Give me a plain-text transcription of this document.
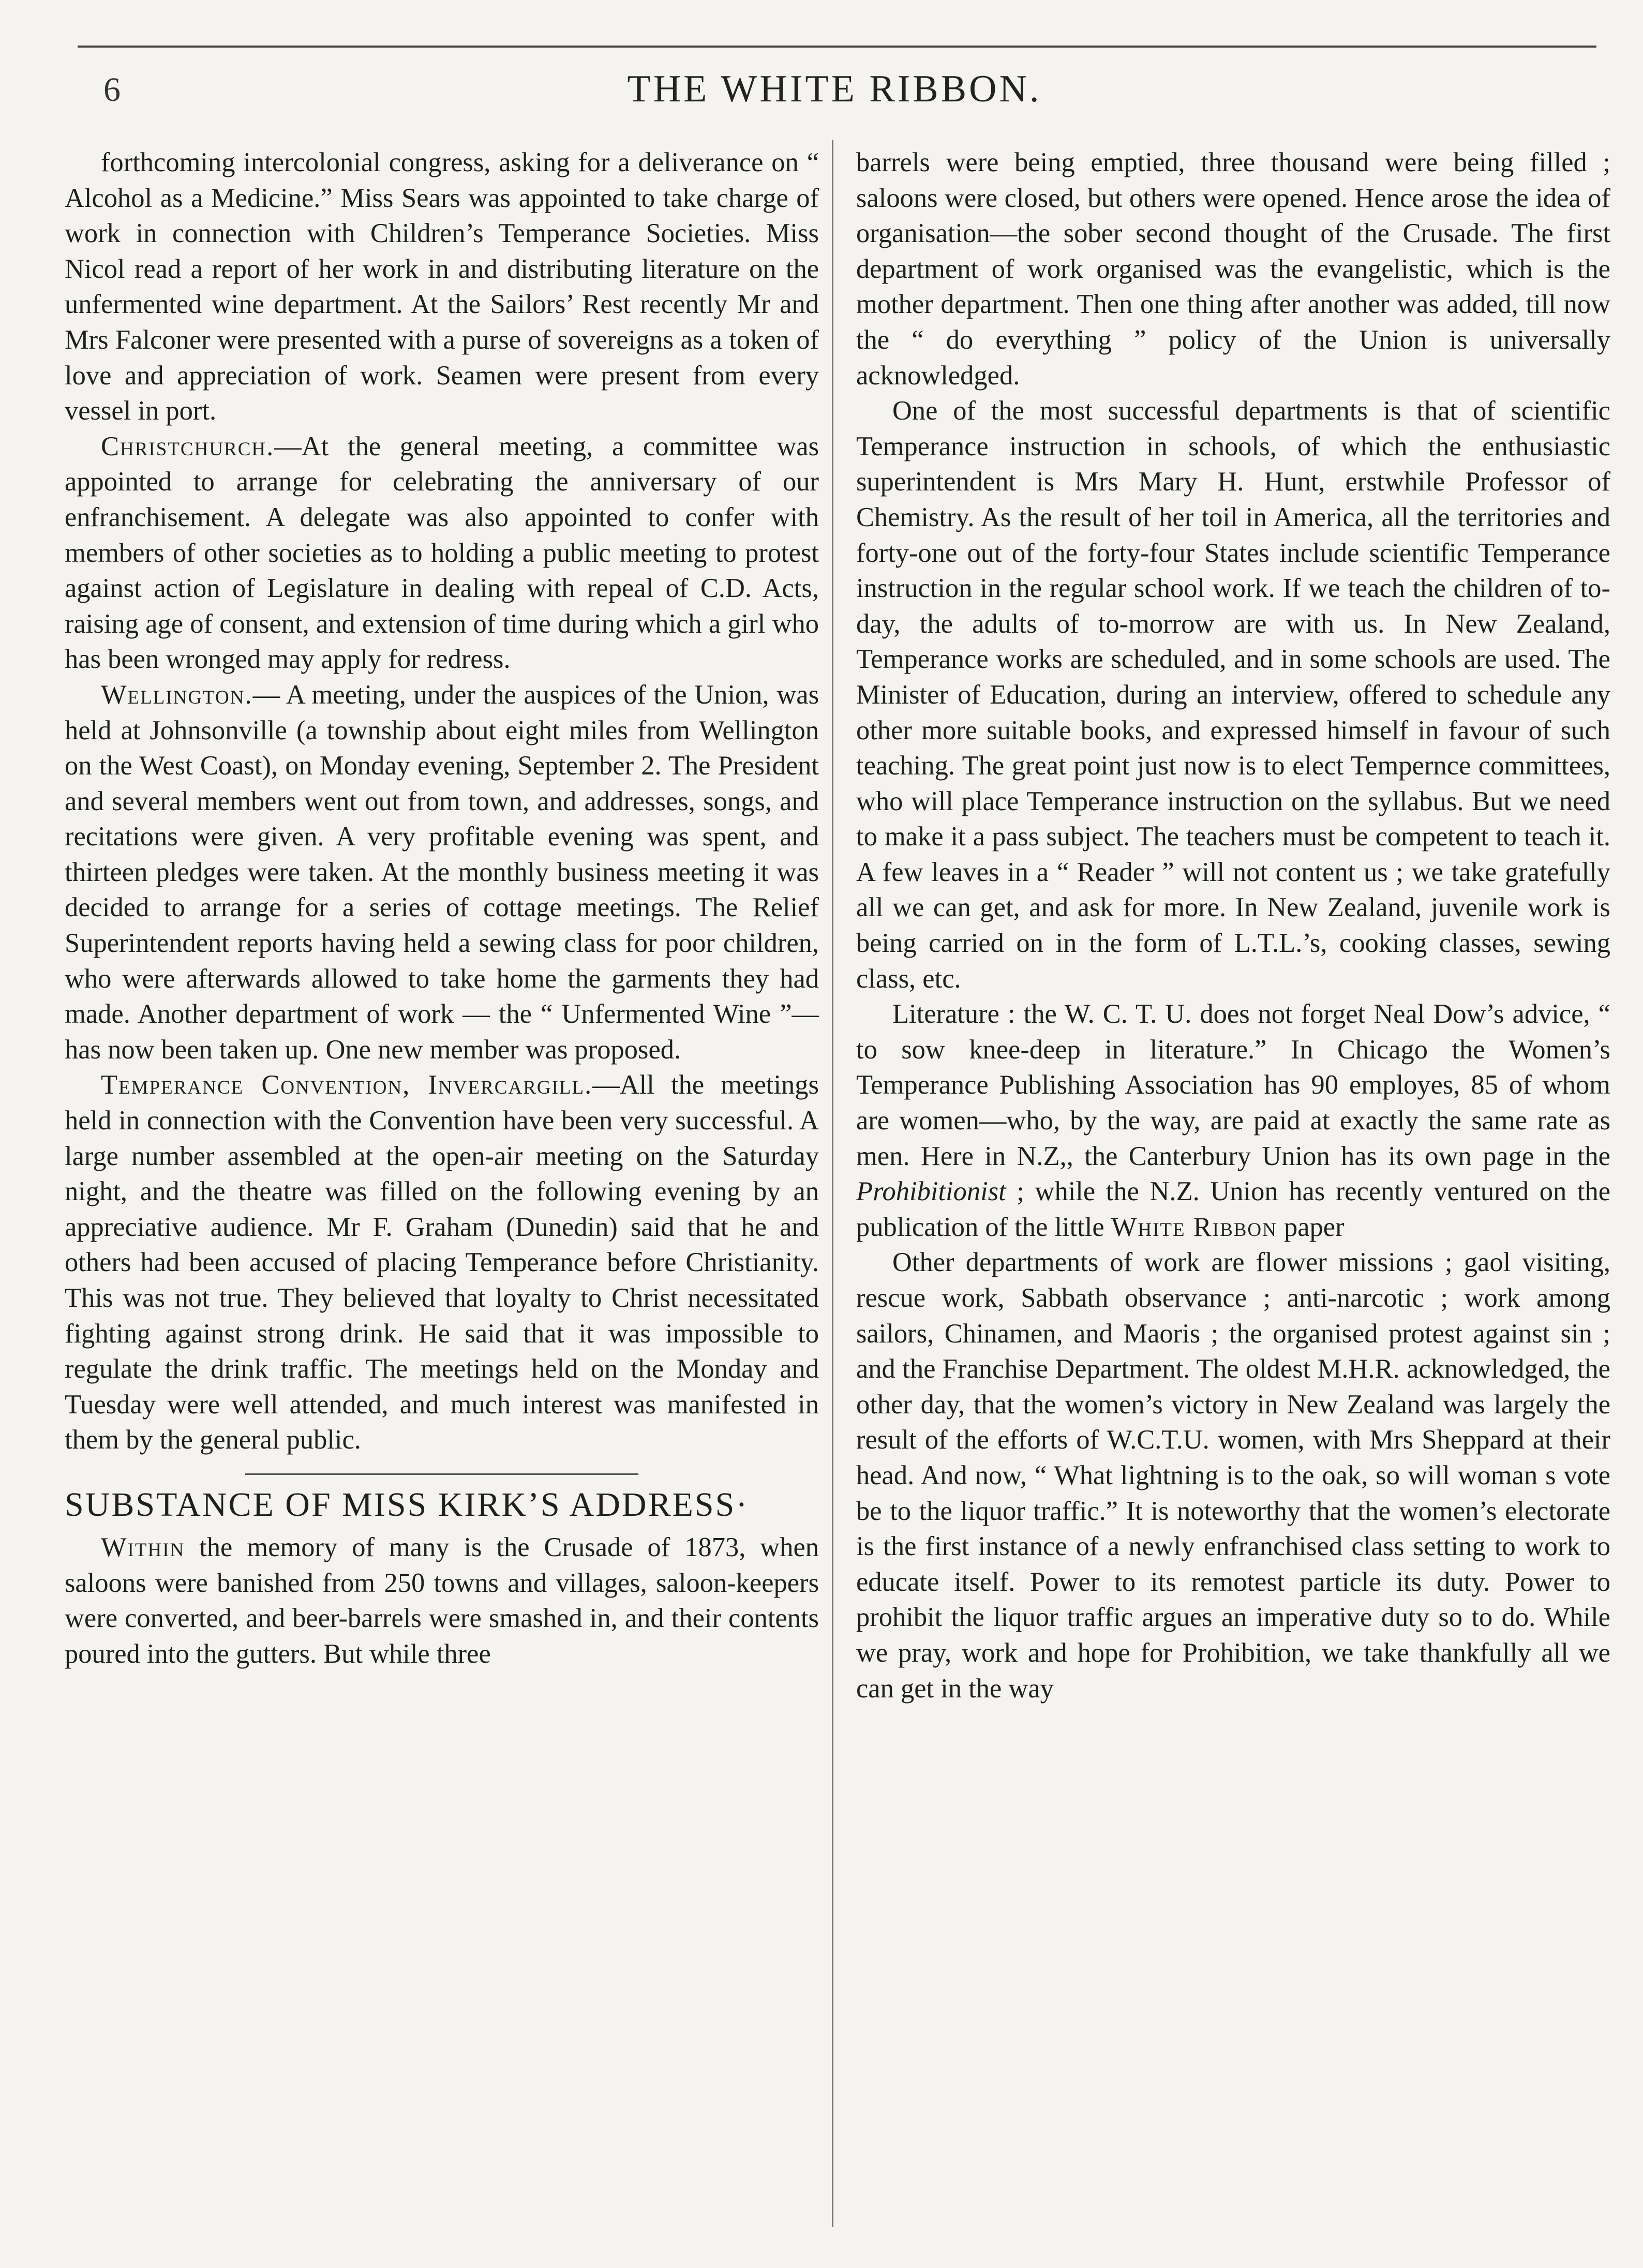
6	THE WHITE RIBBON.

forthcoming intercolonial congress, asking for a deliverance on “ Alcohol as a Medicine.” Miss Sears was appointed to take charge of work in connection with Children’s Temperance Societies. Miss Nicol read a report of her work in and distributing literature on the unfermented wine department. At the Sailors’ Rest recently Mr and Mrs Falconer were presented with a purse of sovereigns as a token of love and appreciation of work. Seamen were present from every vessel in port.

Christchurch.—At the general meeting, a committee was appointed to arrange for celebrating the anniversary of our enfranchisement. A delegate was also appointed to confer with members of other societies as to holding a public meeting to protest against action of Legislature in dealing with repeal of C.D. Acts, raising age of consent, and extension of time during which a girl who has been wronged may apply for redress.

Wellington.— A meeting, under the auspices of the Union, was held at Johnsonville (a township about eight miles from Wellington on the West Coast), on Monday evening, September 2. The President and several members went out from town, and addresses, songs, and recitations were given. A very profitable evening was spent, and thirteen pledges were taken. At the monthly business meeting it was decided to arrange for a series of cottage meetings. The Relief Superintendent reports having held a sewing class for poor children, who were afterwards allowed to take home the garments they had made. Another department of work — the “ Unfermented Wine ”—has now been taken up. One new member was proposed.

Temperance Convention, Invercargill.—All the meetings held in connection with the Convention have been very successful. A large number assembled at the open-air meeting on the Saturday night, and the theatre was filled on the following evening by an appreciative audience. Mr F. Graham (Dunedin) said that he and others had been accused of placing Temperance before Christianity. This was not true. They believed that loyalty to Christ necessitated fighting against strong drink. He said that it was impossible to regulate the drink traffic. The meetings held on the Monday and Tuesday were well attended, and much interest was manifested in them by the general public.

SUBSTANCE OF MISS KIRK’S ADDRESS·

Within the memory of many is the Crusade of 1873, when saloons were banished from 250 towns and villages, saloon-keepers were converted, and beer-barrels were smashed in, and their contents poured into the gutters. But while three

barrels were being emptied, three thousand were being filled ; saloons were closed, but others were opened. Hence arose the idea of organisation—the sober second thought of the Crusade. The first department of work organised was the evangelistic, which is the mother department. Then one thing after another was added, till now the “ do everything ” policy of the Union is universally acknowledged.

One of the most successful departments is that of scientific Temperance instruction in schools, of which the enthusiastic superintendent is Mrs Mary H. Hunt, erstwhile Professor of Chemistry. As the result of her toil in America, all the territories and forty-one out of the forty-four States include scientific Temperance instruction in the regular school work. If we teach the children of to-day, the adults of to-morrow are with us. In New Zealand, Temperance works are scheduled, and in some schools are used. The Minister of Education, during an interview, offered to schedule any other more suitable books, and expressed himself in favour of such teaching. The great point just now is to elect Tempernce committees, who will place Temperance instruction on the syllabus. But we need to make it a pass subject. The teachers must be competent to teach it. A few leaves in a “ Reader ” will not content us ; we take gratefully all we can get, and ask for more. In New Zealand, juvenile work is being carried on in the form of L.T.L.’s, cooking classes, sewing class, etc.

Literature : the W. C. T. U. does not forget Neal Dow’s advice, “ to sow knee-deep in literature.” In Chicago the Women’s Temperance Publishing Association has 90 employes, 85 of whom are women—who, by the way, are paid at exactly the same rate as men. Here in N.Z,, the Canterbury Union has its own page in the Prohibitionist ; while the N.Z. Union has recently ventured on the publication of the little White Ribbon paper

Other departments of work are flower missions ; gaol visiting, rescue work, Sabbath observance ; anti-narcotic ; work among sailors, Chinamen, and Maoris ; the organised protest against sin ; and the Franchise Department. The oldest M.H.R. acknowledged, the other day, that the women’s victory in New Zealand was largely the result of the efforts of W.C.T.U. women, with Mrs Sheppard at their head. And now, “ What lightning is to the oak, so will woman s vote be to the liquor traffic.” It is noteworthy that the women’s electorate is the first instance of a newly enfranchised class setting to work to educate itself. Power to its remotest particle its duty. Power to prohibit the liquor traffic argues an imperative duty so to do. While we pray, work and hope for Prohibition, we take thankfully all we can get in the way
